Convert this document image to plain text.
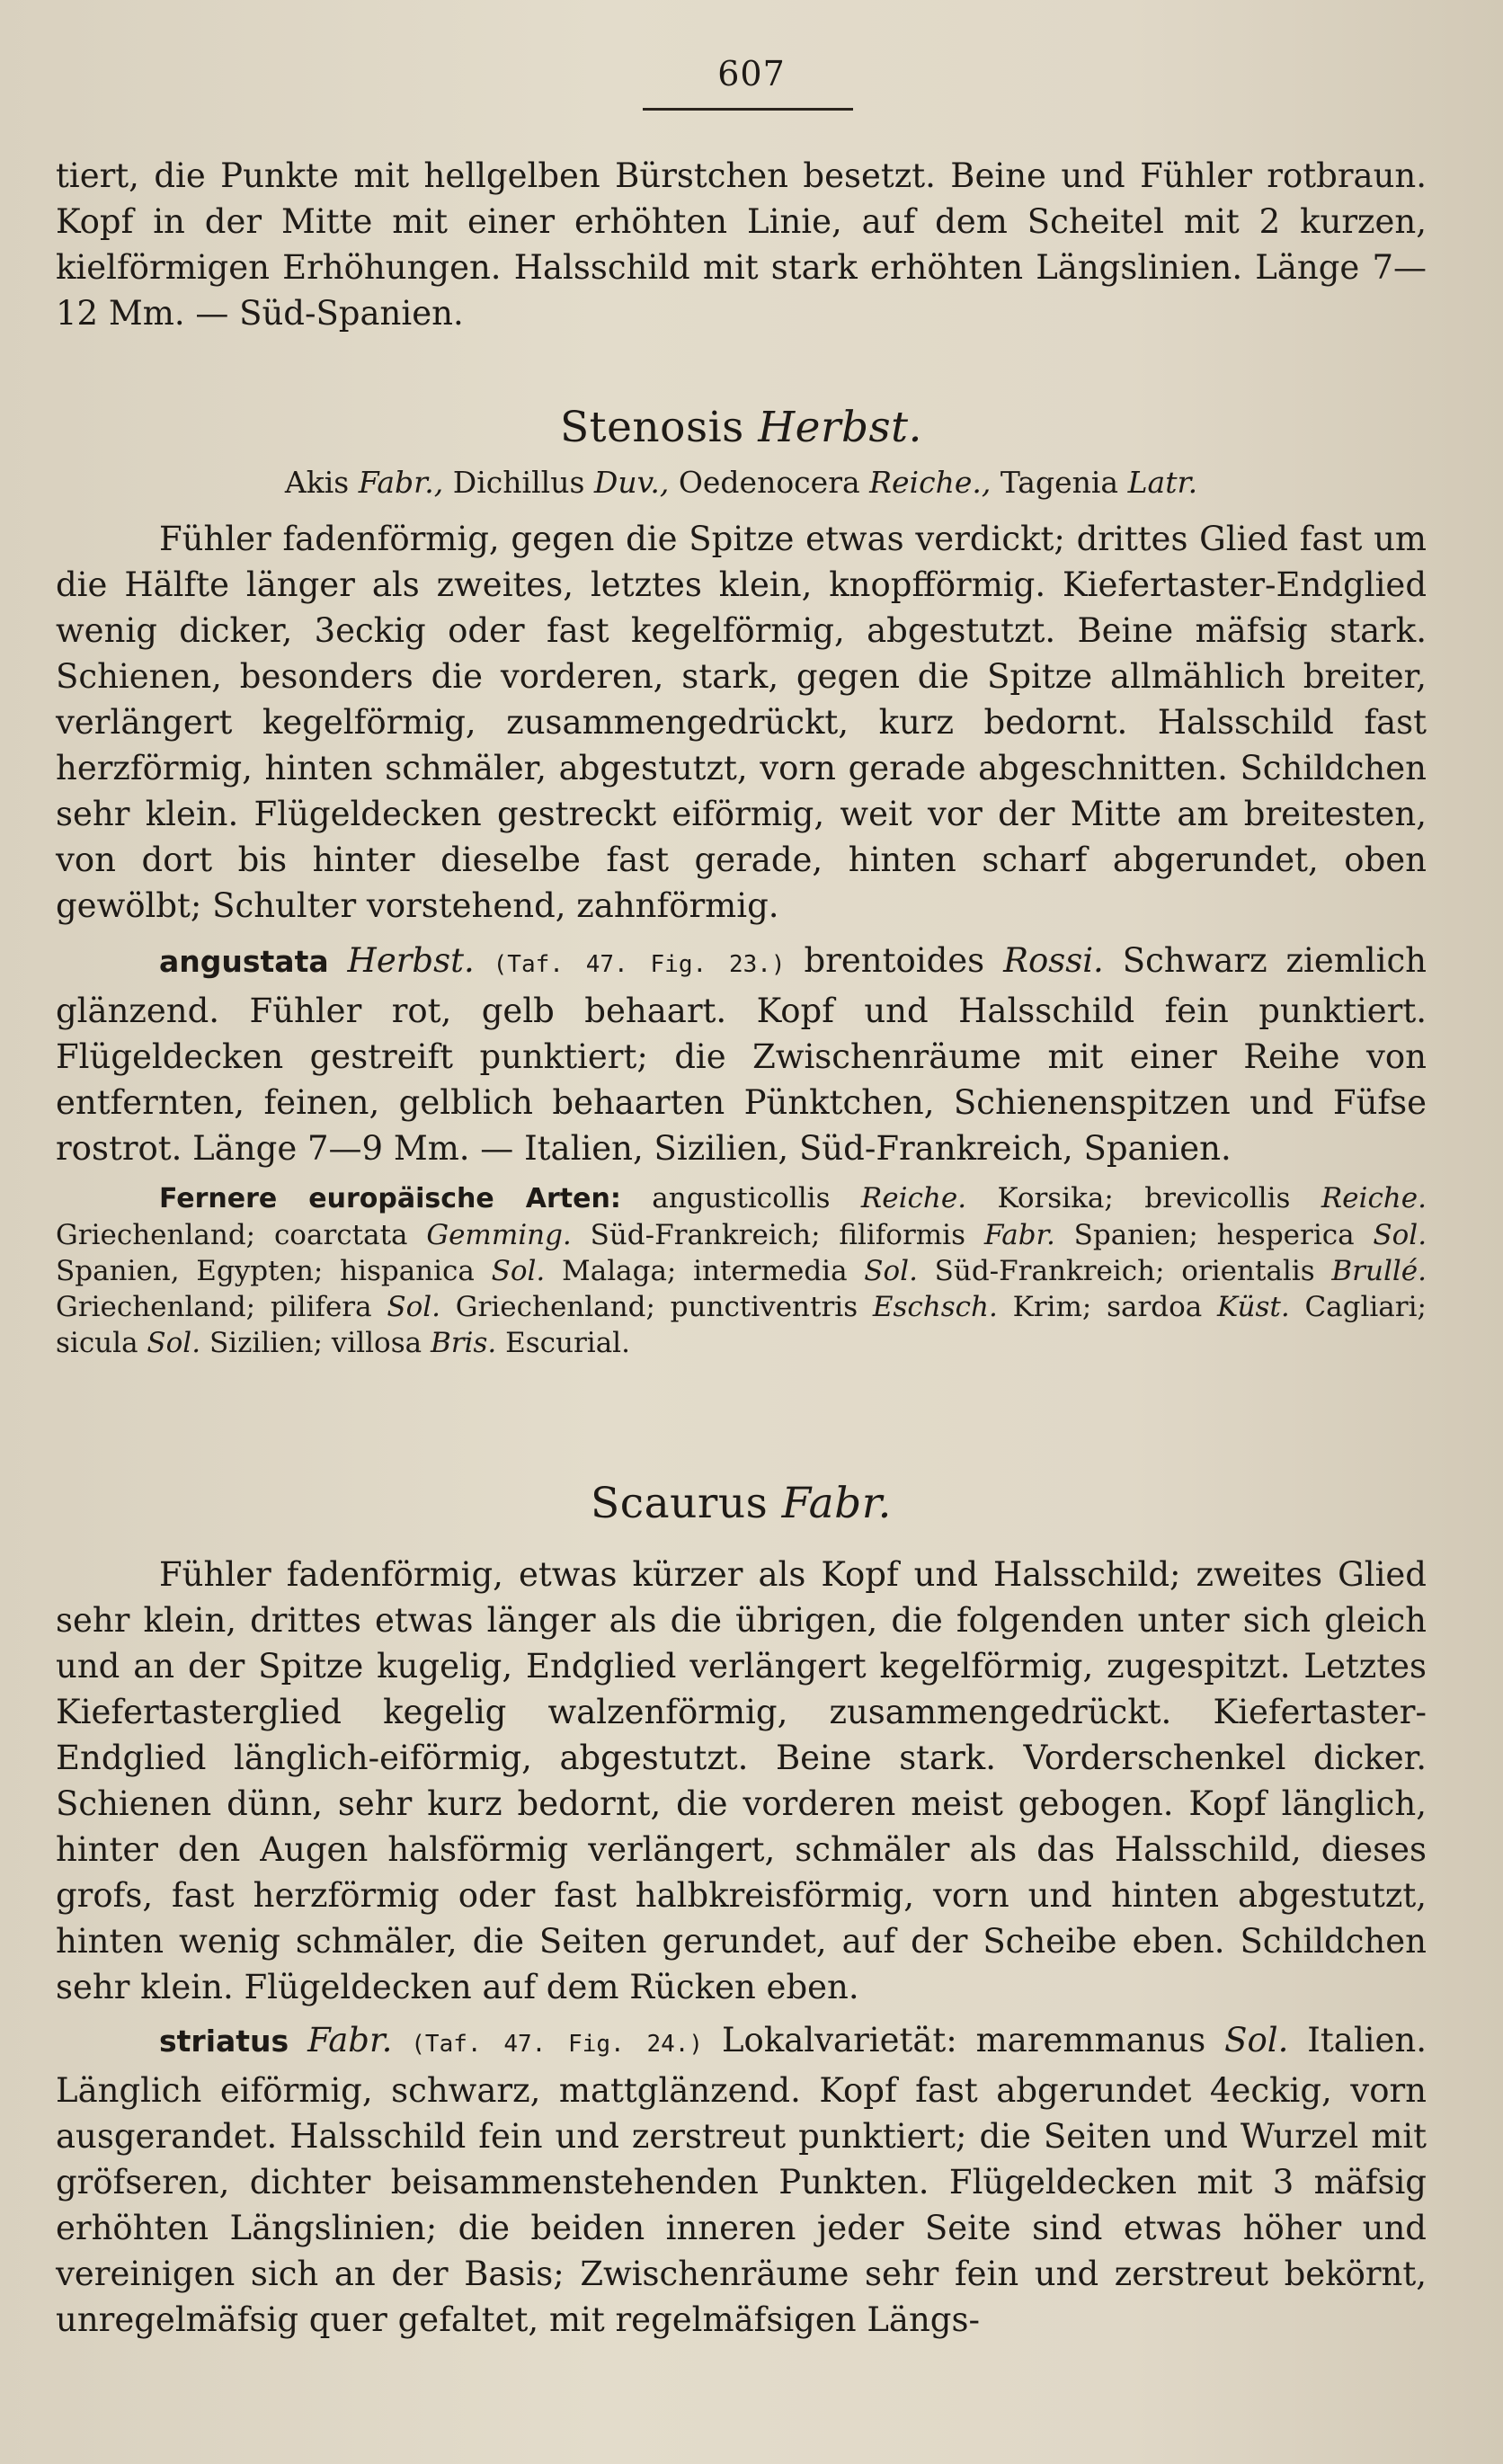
607

tiert, die Punkte mit hellgelben Bürstchen besetzt. Beine und Fühler rotbraun. Kopf in der Mitte mit einer erhöhten Linie, auf dem Scheitel mit 2 kurzen, kielförmigen Erhöhungen. Halsschild mit stark erhöhten Längslinien. Länge 7—12 Mm. — Süd-Spanien.

Stenosis Herbst.

Akis Fabr., Dichillus Duv., Oedenocera Reiche., Tagenia Latr.

Fühler fadenförmig, gegen die Spitze etwas verdickt; drittes Glied fast um die Hälfte länger als zweites, letztes klein, knopfförmig. Kiefertaster-Endglied wenig dicker, 3eckig oder fast kegelförmig, abgestutzt. Beine mäfsig stark. Schienen, besonders die vorderen, stark, gegen die Spitze allmählich breiter, verlängert kegelförmig, zusammengedrückt, kurz bedornt. Halsschild fast herzförmig, hinten schmäler, abgestutzt, vorn gerade abgeschnitten. Schildchen sehr klein. Flügeldecken gestreckt eiförmig, weit vor der Mitte am breitesten, von dort bis hinter dieselbe fast gerade, hinten scharf abgerundet, oben gewölbt; Schulter vorstehend, zahnförmig.

angustata Herbst. (Taf. 47. Fig. 23.) brentoides Rossi. Schwarz ziemlich glänzend. Fühler rot, gelb behaart. Kopf und Halsschild fein punktiert. Flügeldecken gestreift punktiert; die Zwischenräume mit einer Reihe von entfernten, feinen, gelblich behaarten Pünktchen, Schienenspitzen und Füfse rostrot. Länge 7—9 Mm. — Italien, Sizilien, Süd-Frankreich, Spanien.

Fernere europäische Arten: angusticollis Reiche. Korsika; brevicollis Reiche. Griechenland; coarctata Gemming. Süd-Frankreich; filiformis Fabr. Spanien; hesperica Sol. Spanien, Egypten; hispanica Sol. Malaga; intermedia Sol. Süd-Frankreich; orientalis Brullé. Griechenland; pilifera Sol. Griechenland; punctiventris Eschsch. Krim; sardoa Küst. Cagliari; sicula Sol. Sizilien; villosa Bris. Escurial.

Scaurus Fabr.

Fühler fadenförmig, etwas kürzer als Kopf und Halsschild; zweites Glied sehr klein, drittes etwas länger als die übrigen, die folgenden unter sich gleich und an der Spitze kugelig, Endglied verlängert kegelförmig, zugespitzt. Letztes Kiefertasterglied kegelig walzenförmig, zusammengedrückt. Kiefertaster-Endglied länglich-eiförmig, abgestutzt. Beine stark. Vorderschenkel dicker. Schienen dünn, sehr kurz bedornt, die vorderen meist gebogen. Kopf länglich, hinter den Augen halsförmig verlängert, schmäler als das Halsschild, dieses grofs, fast herzförmig oder fast halbkreisförmig, vorn und hinten abgestutzt, hinten wenig schmäler, die Seiten gerundet, auf der Scheibe eben. Schildchen sehr klein. Flügeldecken auf dem Rücken eben.

striatus Fabr. (Taf. 47. Fig. 24.) Lokalvarietät: maremmanus Sol. Italien. Länglich eiförmig, schwarz, mattglänzend. Kopf fast abgerundet 4eckig, vorn ausgerandet. Halsschild fein und zerstreut punktiert; die Seiten und Wurzel mit gröfseren, dichter beisammenstehenden Punkten. Flügeldecken mit 3 mäfsig erhöhten Längslinien; die beiden inneren jeder Seite sind etwas höher und vereinigen sich an der Basis; Zwischenräume sehr fein und zerstreut bekörnt, unregelmäfsig quer gefaltet, mit regelmäfsigen Längs-
